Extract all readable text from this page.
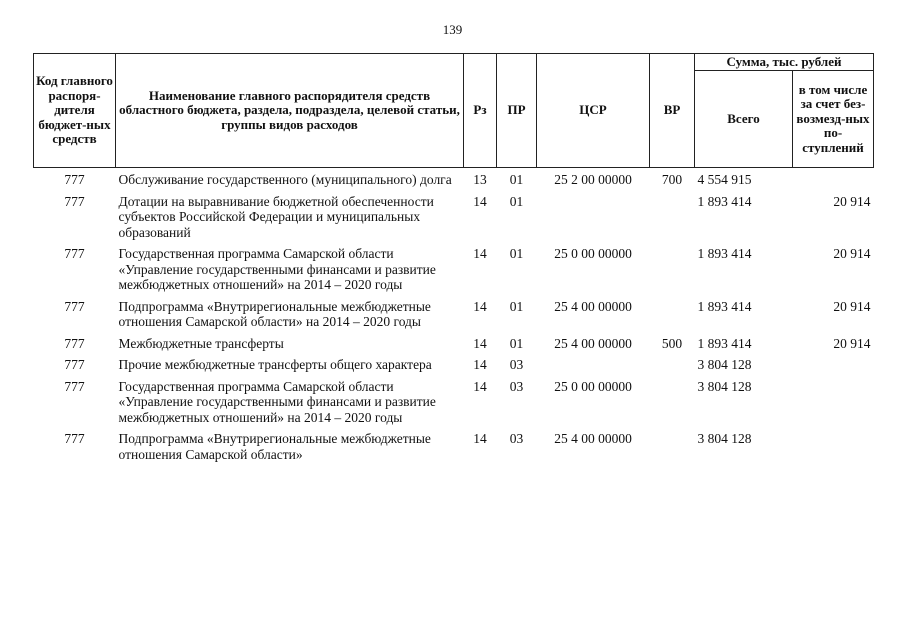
139
Код главного распоря-дителя бюджет-ных средств	Наименование главного распорядителя средств областного бюджета, раздела, подраздела, целевой статьи, группы видов расходов	Рз	ПР	ЦСР	ВР	Сумма, тыс. рублей	
						Всего	в том числе за счет без-возмезд-ных по-ступлений
777	Обслуживание государственного (муниципального) долга	13	01	25 2 00 00000	700	4 554 915	
777	Дотации на выравнивание бюджетной обеспеченности субъектов Российской Федерации и муниципальных образований	14	01			1 893 414	20 914
777	Государственная программа Самарской области «Управление государственными финансами и развитие межбюджетных отношений» на 2014 – 2020 годы	14	01	25 0 00 00000		1 893 414	20 914
777	Подпрограмма «Внутрирегиональные межбюджетные отношения Самарской области» на 2014 – 2020 годы	14	01	25 4 00 00000		1 893 414	20 914
777	Межбюджетные трансферты	14	01	25 4 00 00000	500	1 893 414	20 914
777	Прочие межбюджетные трансферты общего характера	14	03			3 804 128	
777	Государственная программа Самарской области «Управление государственными финансами и развитие межбюджетных отношений» на 2014 – 2020 годы	14	03	25 0 00 00000		3 804 128	
777	Подпрограмма «Внутрирегиональные межбюджетные отношения Самарской области»	14	03	25 4 00 00000		3 804 128	
